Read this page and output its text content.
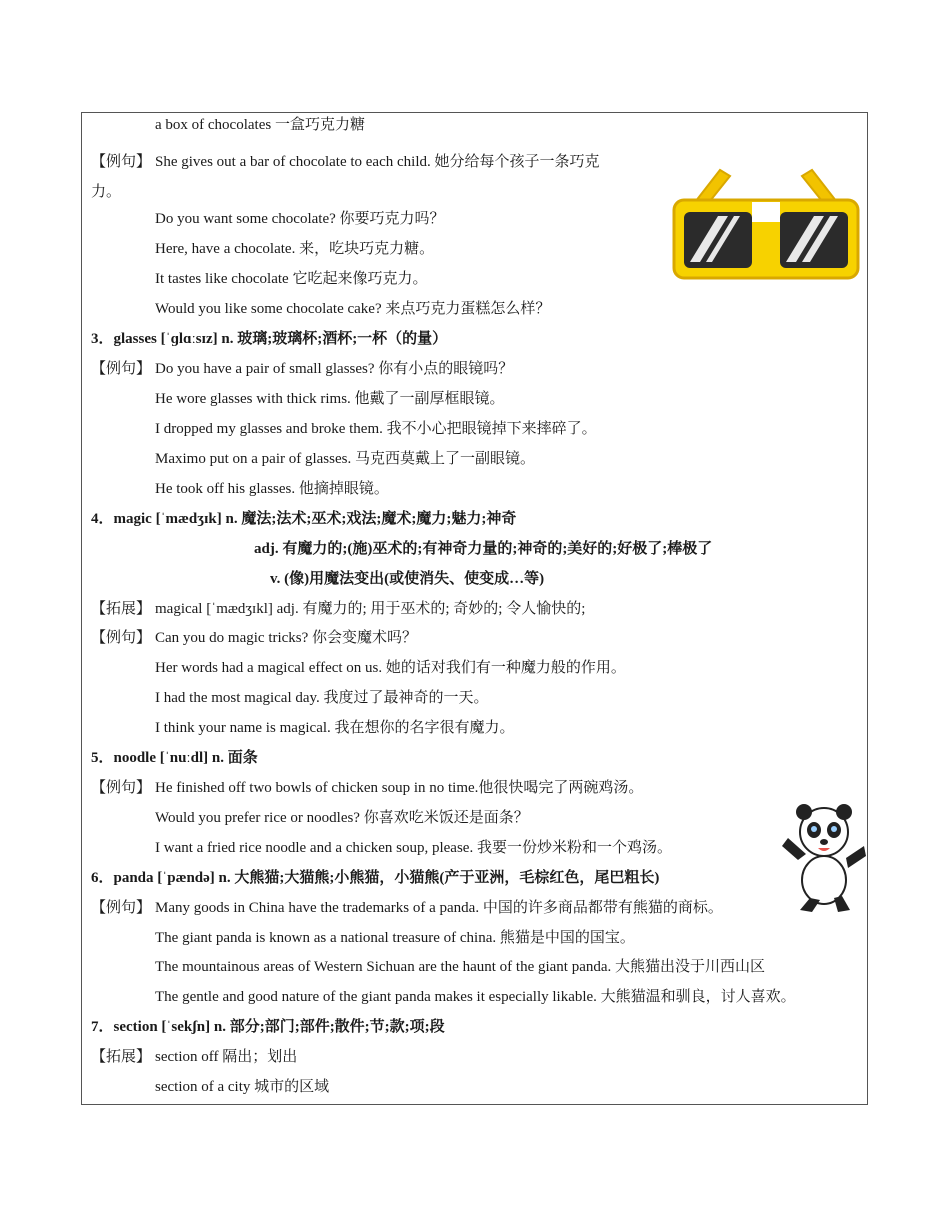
a box of chocolates 一盒巧克力糖
【例句】 She gives out a bar of chocolate to each child. 她分给每个孩子一条巧克
力。
Do you want some chocolate? 你要巧克力吗？
Here, have a chocolate. 来，吃块巧克力糖。
It tastes like chocolate 它吃起来像巧克力。
Would you like some chocolate cake? 来点巧克力蛋糕怎么样？
3．glasses [ˈɡlɑːsɪz] n. 玻璃;玻璃杯;酒杯;一杯（的量）
【例句】 Do you have a pair of small glasses? 你有小点的眼镜吗？
He wore glasses with thick rims. 他戴了一副厚框眼镜。
I dropped my glasses and broke them. 我不小心把眼镜掉下来摔碎了。
Maximo put on a pair of glasses. 马克西莫戴上了一副眼镜。
He took off his glasses. 他摘掉眼镜。
4．magic [ˈmædʒɪk] n. 魔法;法术;巫术;戏法;魔术;魔力;魅力;神奇
adj. 有魔力的;(施)巫术的;有神奇力量的;神奇的;美好的;好极了;棒极了
v. (像)用魔法变出(或使消失、使变成…等)
【拓展】 magical [ˈmædʒɪkl] adj. 有魔力的; 用于巫术的; 奇妙的; 令人愉快的;
【例句】 Can you do magic tricks? 你会变魔术吗？
Her words had a magical effect on us. 她的话对我们有一种魔力般的作用。
I had the most magical day. 我度过了最神奇的一天。
I think your name is magical. 我在想你的名字很有魔力。
5．noodle [ˈnuːdl] n. 面条
【例句】 He finished off two bowls of chicken soup in no time.他很快喝完了两碗鸡汤。
Would you prefer rice or noodles? 你喜欢吃米饭还是面条？
I want a fried rice noodle and a chicken soup, please. 我要一份炒米粉和一个鸡汤。
6．panda [ˈpændə] n. 大熊猫;大猫熊;小熊猫，小猫熊(产于亚洲，毛棕红色，尾巴粗长)
【例句】 Many goods in China have the trademarks of a panda. 中国的许多商品都带有熊猫的商标。
The giant panda is known as a national treasure of china. 熊猫是中国的国宝。
The mountainous areas of Western Sichuan are the haunt of the giant panda. 大熊猫出没于川西山区
The gentle and good nature of the giant panda makes it especially likable. 大熊猫温和驯良，讨人喜欢。
7．section [ˈsekʃn] n. 部分;部门;部件;散件;节;款;项;段
【拓展】 section off 隔出；划出
section of a city 城市的区域
